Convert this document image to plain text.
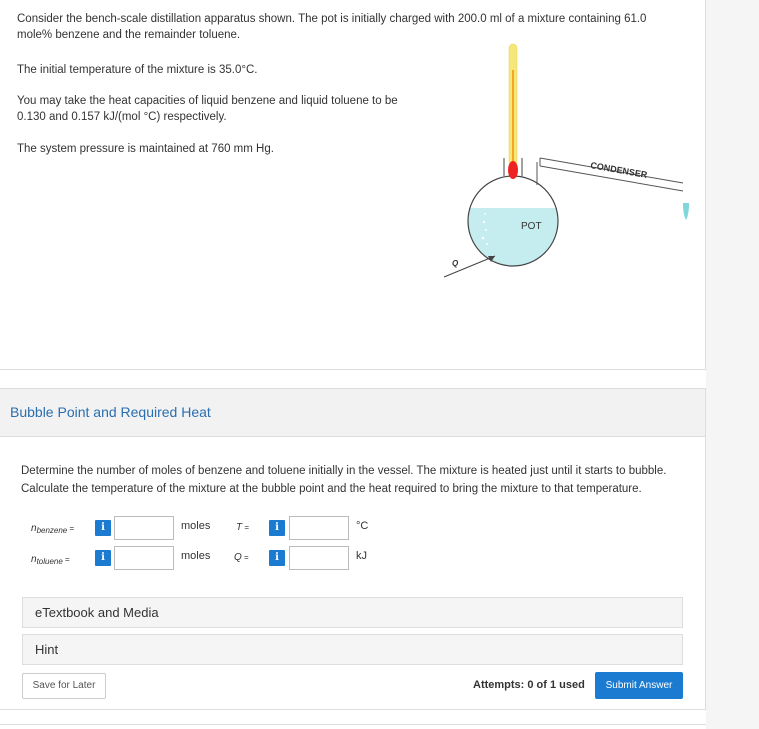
Consider the bench-scale distillation apparatus shown. The pot is initially charged with 200.0 ml of a mixture containing 61.0 mole% benzene and the remainder toluene.

The initial temperature of the mixture is 35.0°C.

You may take the heat capacities of liquid benzene and liquid toluene to be 0.130 and 0.157 kJ/(mol °C) respectively.

The system pressure is maintained at 760 mm Hg.

CONDENSER
POT
Q
Bubble Point and Required Heat

Determine the number of moles of benzene and toluene initially in the vessel. The mixture is heated just until it starts to bubble. Calculate the temperature of the mixture at the bubble point and the heat required to bring the mixture to that temperature.

$n_{benzene}$ =	i	moles
$n_{toluene}$ =	i	moles
T =	i	°C
Q =	i	kJ
eTextbook and Media
Hint
Save for Later	Attempts: 0 of 1 used	Submit Answer
